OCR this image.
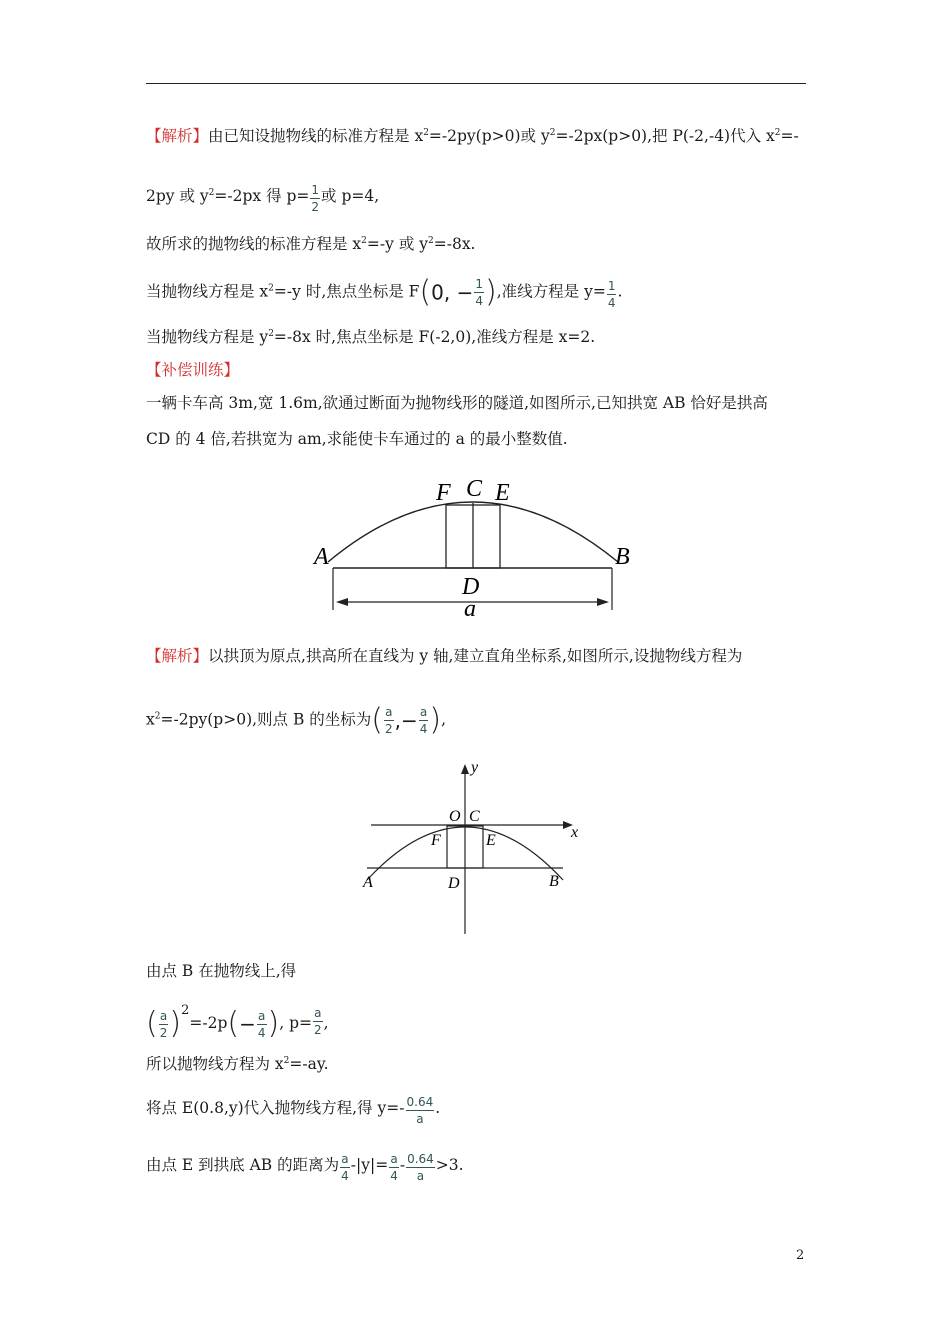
【解析】由已知设抛物线的标准方程是 $x^2=-2py(p>0)$或 $y^2=-2px(p>0)$,把 P(-2,-4)代入 $x^2=-$
2py 或 $y^2=-2px$ 得 $p= \frac{1}{2}$ 或 p=4,
故所求的抛物线的标准方程是 $x^2=-y$ 或 $y^2=-8x$.
当抛物线方程是 $x^2=-y$ 时,焦点坐标是 F(0, − $\frac{1}{4}$ ),准线方程是 $y= \frac{1}{4}$ .
当抛物线方程是 $y^2=-8x$ 时,焦点坐标是 F(-2,0),准线方程是 x=2.
【补偿训练】
一辆卡车高 3m,宽 1.6m,欲通过断面为抛物线形的隧道,如图所示,已知拱宽 AB 恰好是拱高
CD 的 4 倍,若拱宽为 am,求能使卡车通过的 a 的最小整数值.
F C E
A	B
D
a
【解析】以拱顶为原点,拱高所在直线为 y 轴,建立直角坐标系,如图所示,设抛物线方程为
$x^2=-2py(p>0)$,则点 B 的坐标为( $\frac{a}{2}$ ,− $\frac{a}{4}$ ),
y
x
O C
F	E
A	D	B
由点 B 在抛物线上,得
( $\frac{a}{2} )^2=-2p(- \frac{a}{4}$ ), $p= \frac{a}{2}$ ,
所以抛物线方程为 $x^2=-ay$.
将点 E(0.8,y)代入抛物线方程,得 $y=- \frac{0.64}{a}$ .
由点 E 到拱底 AB 的距离为 $\frac{a}{4} -|y|= \frac{a}{4} - \frac{0.64}{a} >3$.
2
